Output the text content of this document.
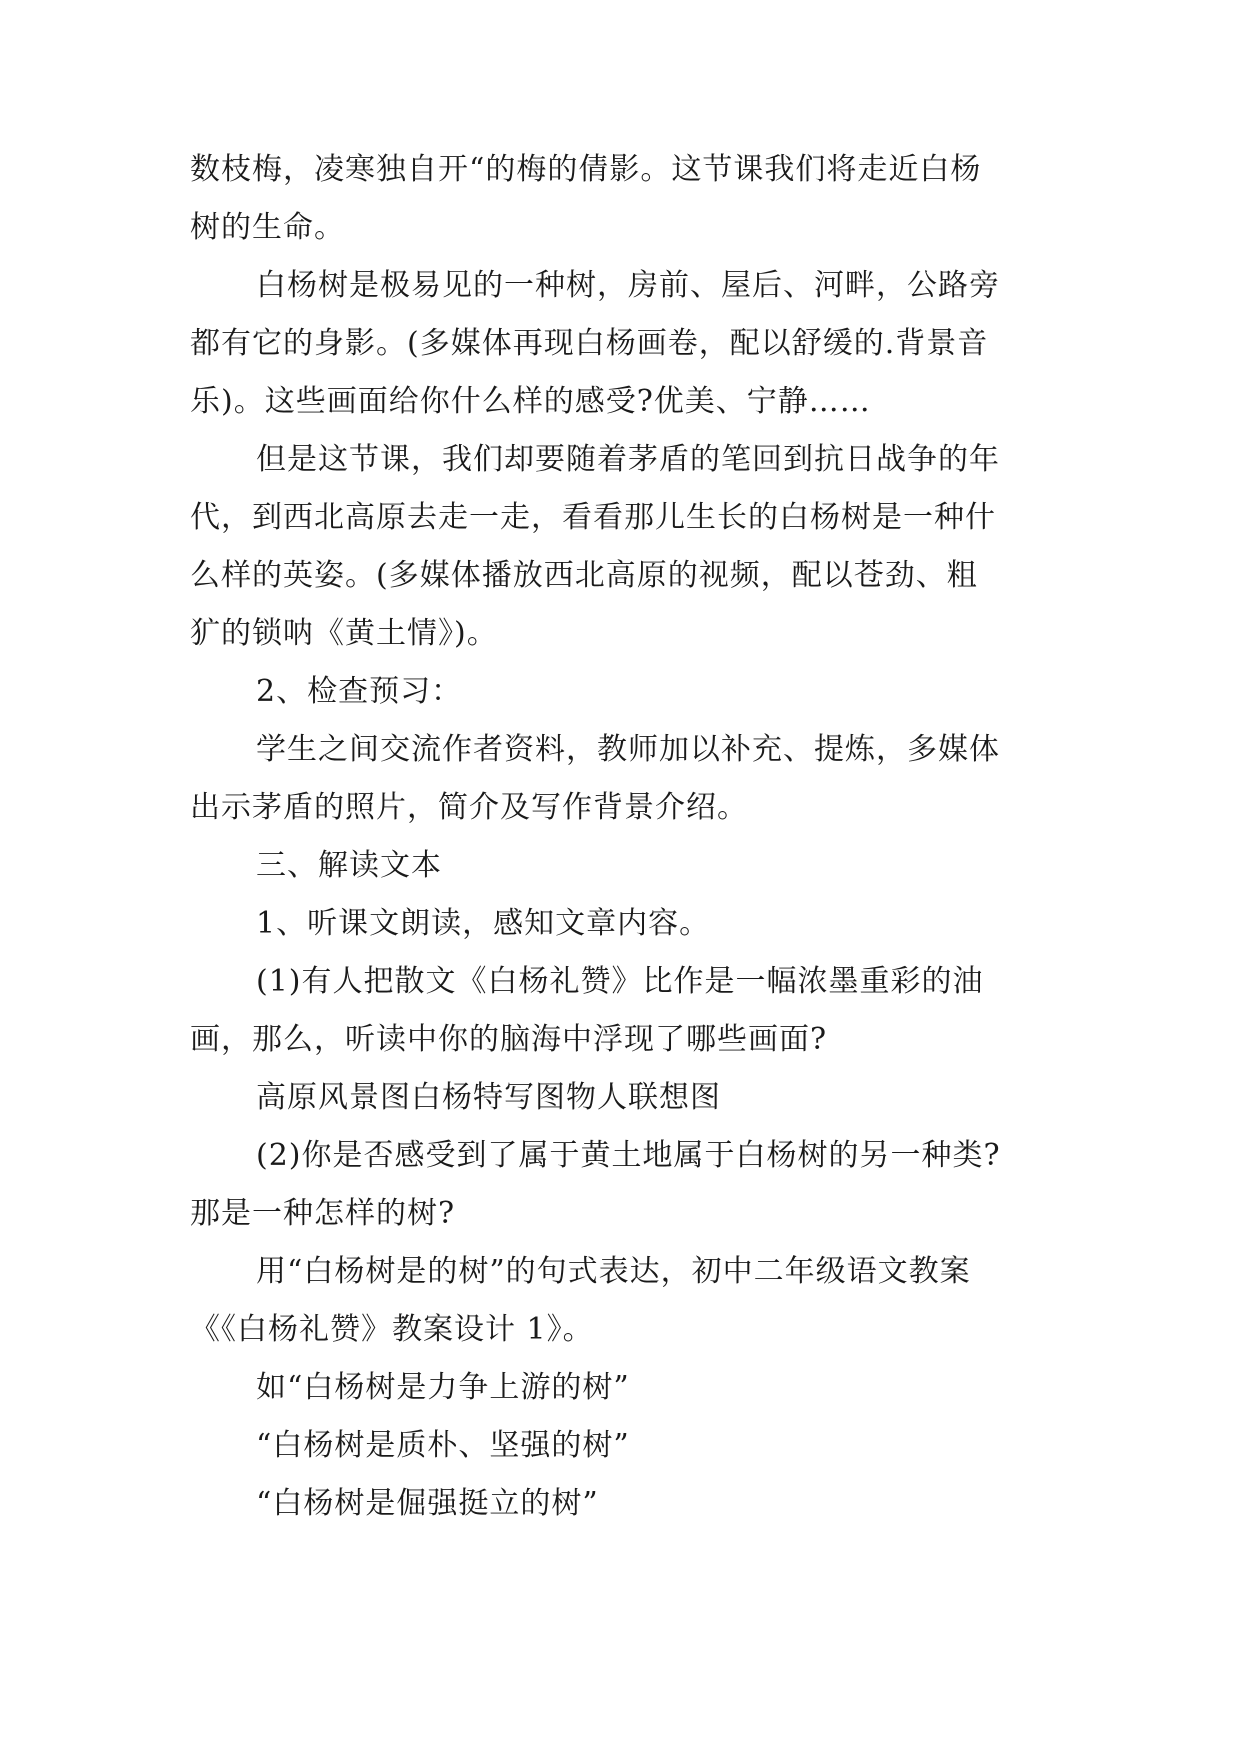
数枝梅，凌寒独自开“的梅的倩影。这节课我们将走近白杨
树的生命。
白杨树是极易见的一种树，房前、屋后、河畔，公路旁
都有它的身影。(多媒体再现白杨画卷，配以舒缓的.背景音
乐)。这些画面给你什么样的感受?优美、宁静……
但是这节课，我们却要随着茅盾的笔回到抗日战争的年
代，到西北高原去走一走，看看那儿生长的白杨树是一种什
么样的英姿。(多媒体播放西北高原的视频，配以苍劲、粗
犷的锁呐《黄土情》)。
2、检查预习：
学生之间交流作者资料，教师加以补充、提炼，多媒体
出示茅盾的照片，简介及写作背景介绍。
三、解读文本
1、听课文朗读，感知文章内容。
(1)有人把散文《白杨礼赞》比作是一幅浓墨重彩的油
画，那么，听读中你的脑海中浮现了哪些画面?
高原风景图白杨特写图物人联想图
(2)你是否感受到了属于黄土地属于白杨树的另一种类?
那是一种怎样的树?
用“白杨树是的树”的句式表达，初中二年级语文教案
《《白杨礼赞》教案设计 1》。
如“白杨树是力争上游的树”
“白杨树是质朴、坚强的树”
“白杨树是倔强挺立的树”
